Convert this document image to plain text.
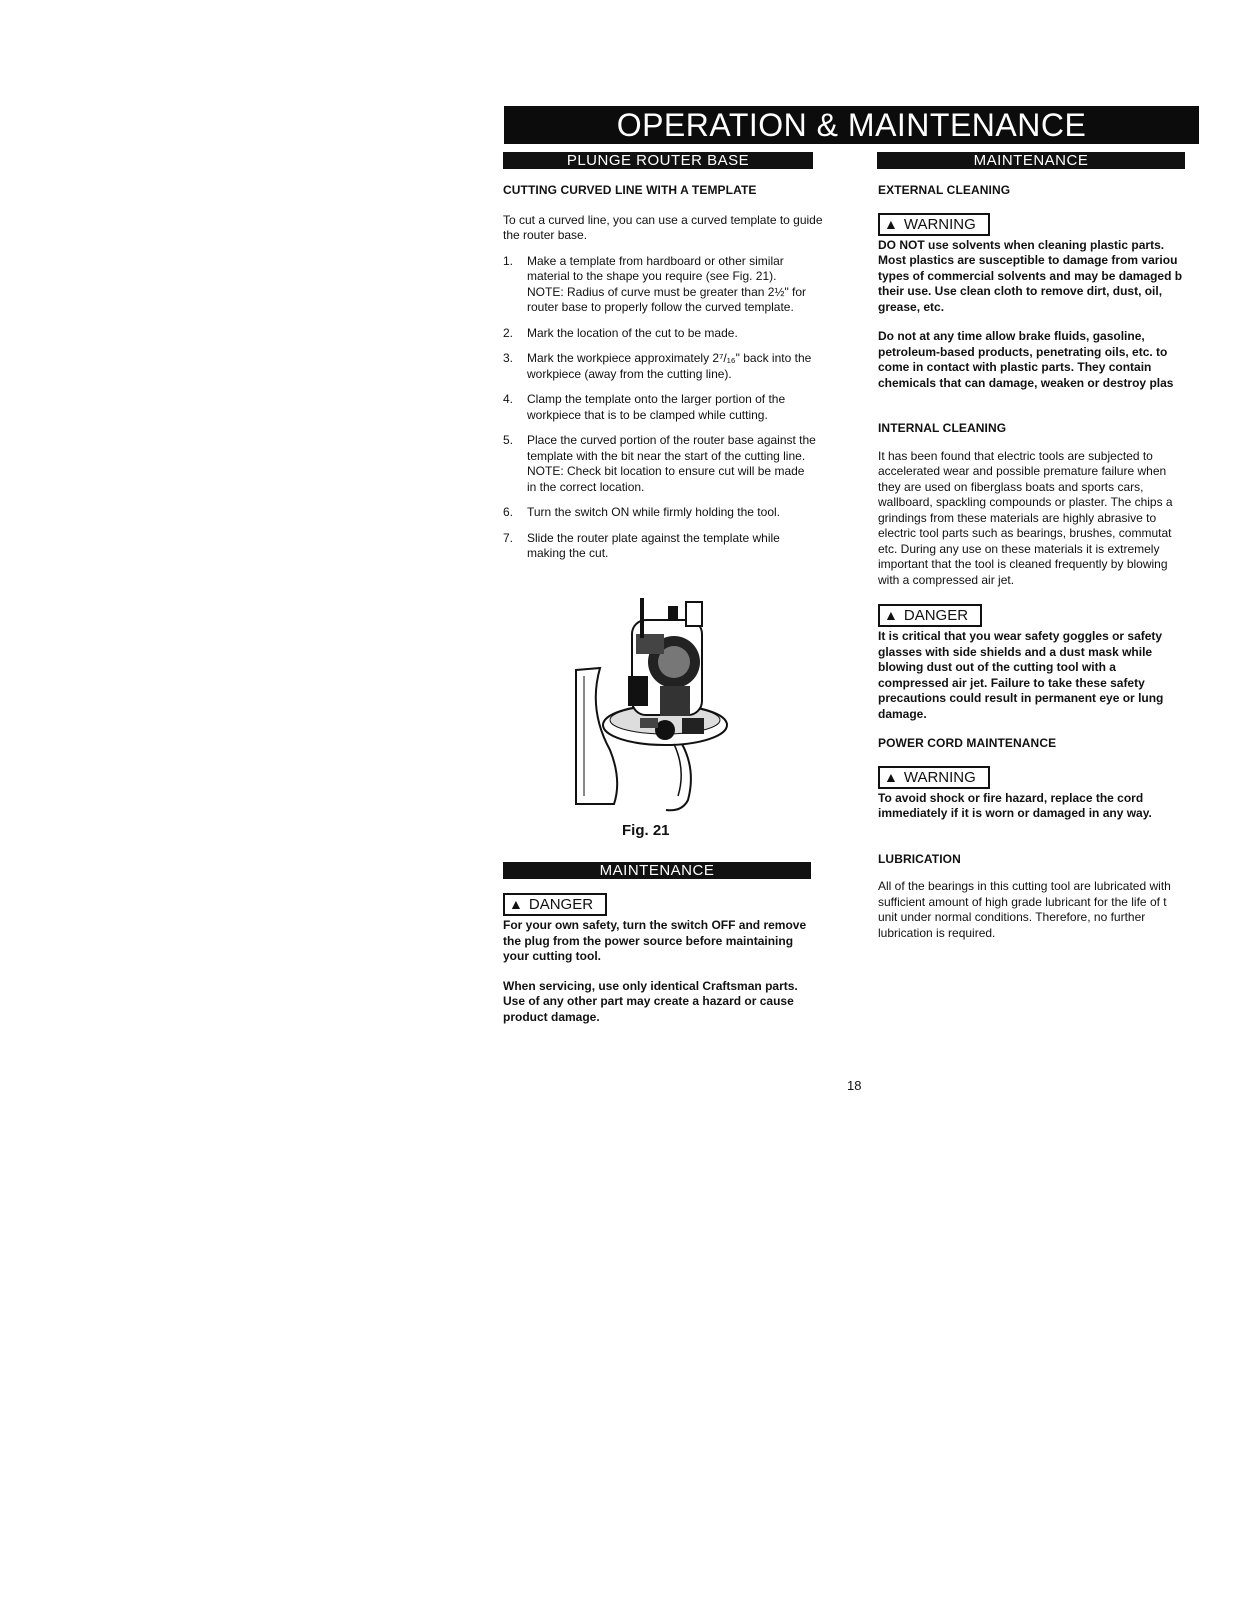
OPERATION & MAINTENANCE
PLUNGE ROUTER BASE	MAINTENANCE

CUTTING CURVED LINE WITH A TEMPLATE

To cut a curved line, you can use a curved template to guide the router base.

1.	Make a template from hardboard or other similar
material to the shape you require (see Fig. 21).
NOTE: Radius of curve must be greater than 2½" for
router base to properly follow the curved template.
2.	Mark the location of the cut to be made.
3.	Mark the workpiece approximately 2⁷/₁₆" back into the
workpiece (away from the cutting line).
4.	Clamp the template onto the larger portion of the
workpiece that is to be clamped while cutting.
5.	Place the curved portion of the router base against the
template with the bit near the start of the cutting line.
NOTE: Check bit location to ensure cut will be made
in the correct location.
6.	Turn the switch ON while firmly holding the tool.
7.	Slide the router plate against the template while
making the cut.
Fig. 21
MAINTENANCE
▲ DANGER
For your own safety, turn the switch OFF and remove
the plug from the power source before maintaining
your cutting tool.
When servicing, use only identical Craftsman parts.
Use of any other part may create a hazard or cause
product damage.

EXTERNAL CLEANING

▲ WARNING
DO NOT use solvents when cleaning plastic parts.
Most plastics are susceptible to damage from variou
types of commercial solvents and may be damaged b
their use. Use clean cloth to remove dirt, dust, oil,
grease, etc.
Do not at any time allow brake fluids, gasoline,
petroleum-based products, penetrating oils, etc. to
come in contact with plastic parts. They contain
chemicals that can damage, weaken or destroy plas

INTERNAL CLEANING

It has been found that electric tools are subjected to
accelerated wear and possible premature failure when
they are used on fiberglass boats and sports cars,
wallboard, spackling compounds or plaster. The chips a
grindings from these materials are highly abrasive to
electric tool parts such as bearings, brushes, commutat
etc. During any use on these materials it is extremely
important that the tool is cleaned frequently by blowing
with a compressed air jet.
▲ DANGER
It is critical that you wear safety goggles or safety
glasses with side shields and a dust mask while
blowing dust out of the cutting tool with a
compressed air jet. Failure to take these safety
precautions could result in permanent eye or lung
damage.

POWER CORD MAINTENANCE

▲ WARNING
To avoid shock or fire hazard, replace the cord
immediately if it is worn or damaged in any way.

LUBRICATION

All of the bearings in this cutting tool are lubricated with
sufficient amount of high grade lubricant for the life of t
unit under normal conditions. Therefore, no further
lubrication is required.
18
